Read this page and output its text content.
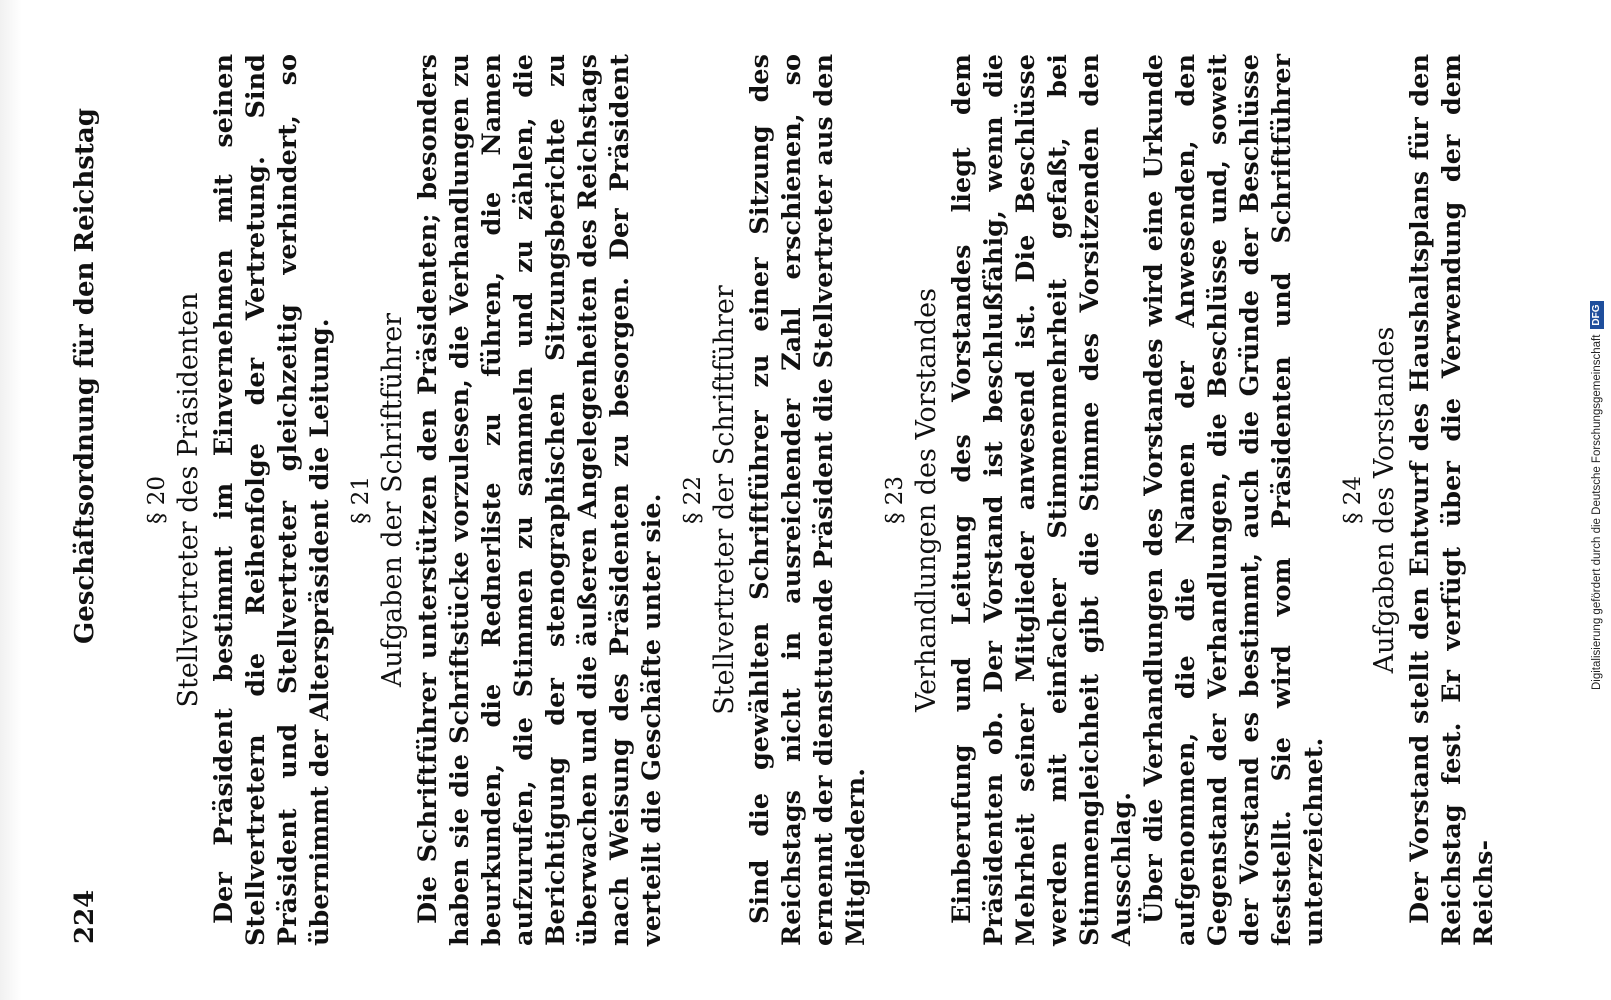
224
Geschäftsordnung für den Reichstag § 20 Stellvertreter des Präsidenten Der Präsident bestimmt im Einvernehmen mit seinen Stellvertretern die Reihenfolge der Vertretung. Sind Präsident und Stellvertreter gleichzeitig verhindert, so übernimmt der Alterspräsident die Leitung. § 21 Aufgaben der Schriftführer Die Schriftführer unterstützen den Präsidenten; besonders haben sie die Schriftstücke vorzulesen, die Verhandlungen zu beurkunden, die Rednerliste zu führen, die Namen aufzurufen, die Stimmen zu sammeln und zu zählen, die Berichtigung der stenographischen Sitzungsberichte zu überwachen und die äußeren Angelegenheiten des Reichstags nach Weisung des Präsidenten zu besorgen. Der Präsident verteilt die Geschäfte unter sie. § 22 Stellvertreter der Schriftführer Sind die gewählten Schriftführer zu einer Sitzung des Reichstags nicht in ausreichender Zahl erschienen, so ernennt der diensttuende Präsident die Stellvertreter aus den Mitgliedern.

§ 23 Verhandlungen des Vorstandes Einberufung und Leitung des Vorstandes liegt dem Präsidenten ob. Der Vorstand ist beschlußfähig, wenn die Mehrheit seiner Mitglieder anwesend ist. Die Beschlüsse werden mit einfacher Stimmenmehrheit gefaßt, bei Stimmengleichheit gibt die Stimme des Vorsitzenden den Ausschlag. Über die Verhandlungen des Vorstandes wird eine Urkunde aufgenommen, die die Namen der Anwesenden, den Gegenstand der Verhandlungen, die Beschlüsse und, soweit der Vorstand es bestimmt, auch die Gründe der Beschlüsse feststellt. Sie wird vom Präsidenten und Schriftführer unterzeichnet.

§ 24 Aufgaben des Vorstandes Der Vorstand stellt den Entwurf des Haushaltsplans für den Reichstag fest. Er verfügt über die Verwendung der dem Reichs-

Digitalisierung gefördert durch die Deutsche Forschungsgemeinschaft
DFG
